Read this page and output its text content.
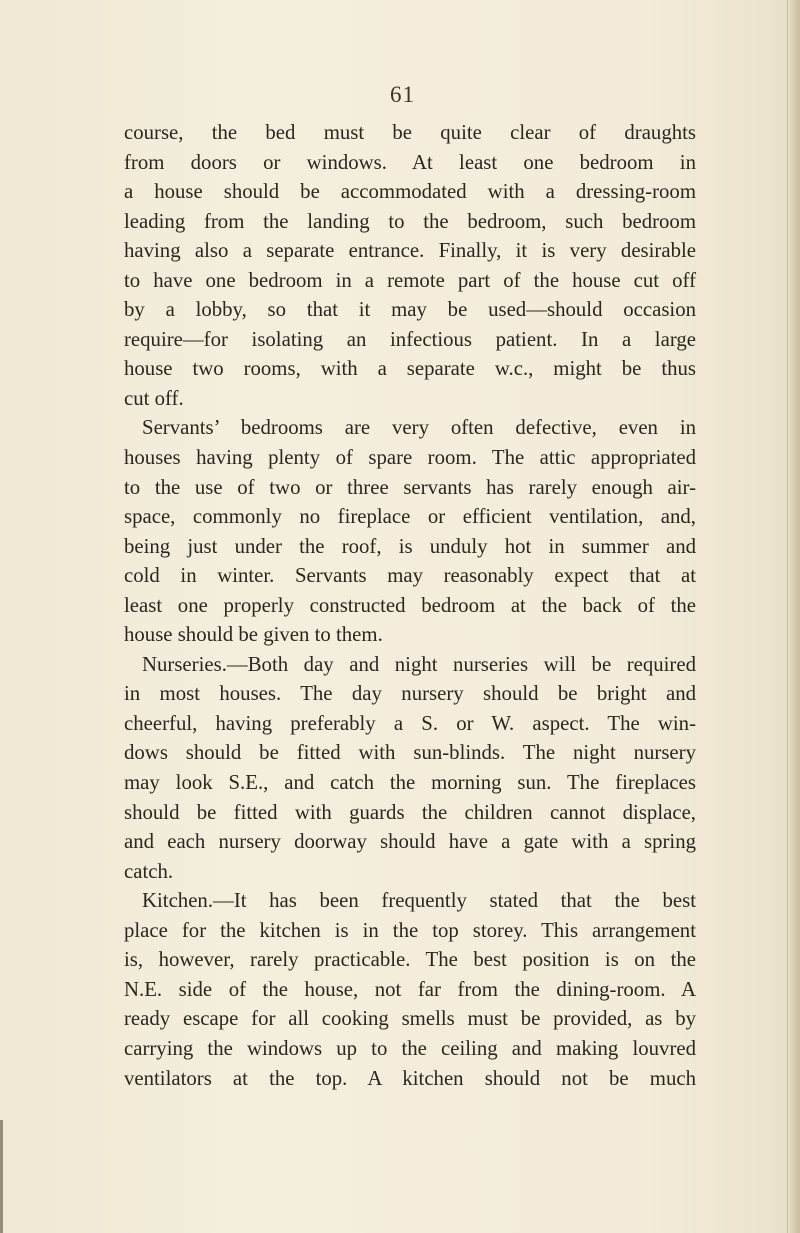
61
course, the bed must be quite clear of draughts
from doors or windows. At least one bedroom in
a house should be accommodated with a dressing-room
leading from the landing to the bedroom, such bedroom
having also a separate entrance. Finally, it is very desirable
to have one bedroom in a remote part of the house cut off
by a lobby, so that it may be used—should occasion
require—for isolating an infectious patient. In a large
house two rooms, with a separate w.c., might be thus
cut off.
Servants’ bedrooms are very often defective, even in
houses having plenty of spare room. The attic appropriated
to the use of two or three servants has rarely enough air-
space, commonly no fireplace or efficient ventilation, and,
being just under the roof, is unduly hot in summer and
cold in winter. Servants may reasonably expect that at
least one properly constructed bedroom at the back of the
house should be given to them.
Nurseries.—Both day and night nurseries will be required
in most houses. The day nursery should be bright and
cheerful, having preferably a S. or W. aspect. The win-
dows should be fitted with sun-blinds. The night nursery
may look S.E., and catch the morning sun. The fireplaces
should be fitted with guards the children cannot displace,
and each nursery doorway should have a gate with a spring
catch.
Kitchen.—It has been frequently stated that the best
place for the kitchen is in the top storey. This arrangement
is, however, rarely practicable. The best position is on the
N.E. side of the house, not far from the dining-room. A
ready escape for all cooking smells must be provided, as by
carrying the windows up to the ceiling and making louvred
ventilators at the top. A kitchen should not be much
